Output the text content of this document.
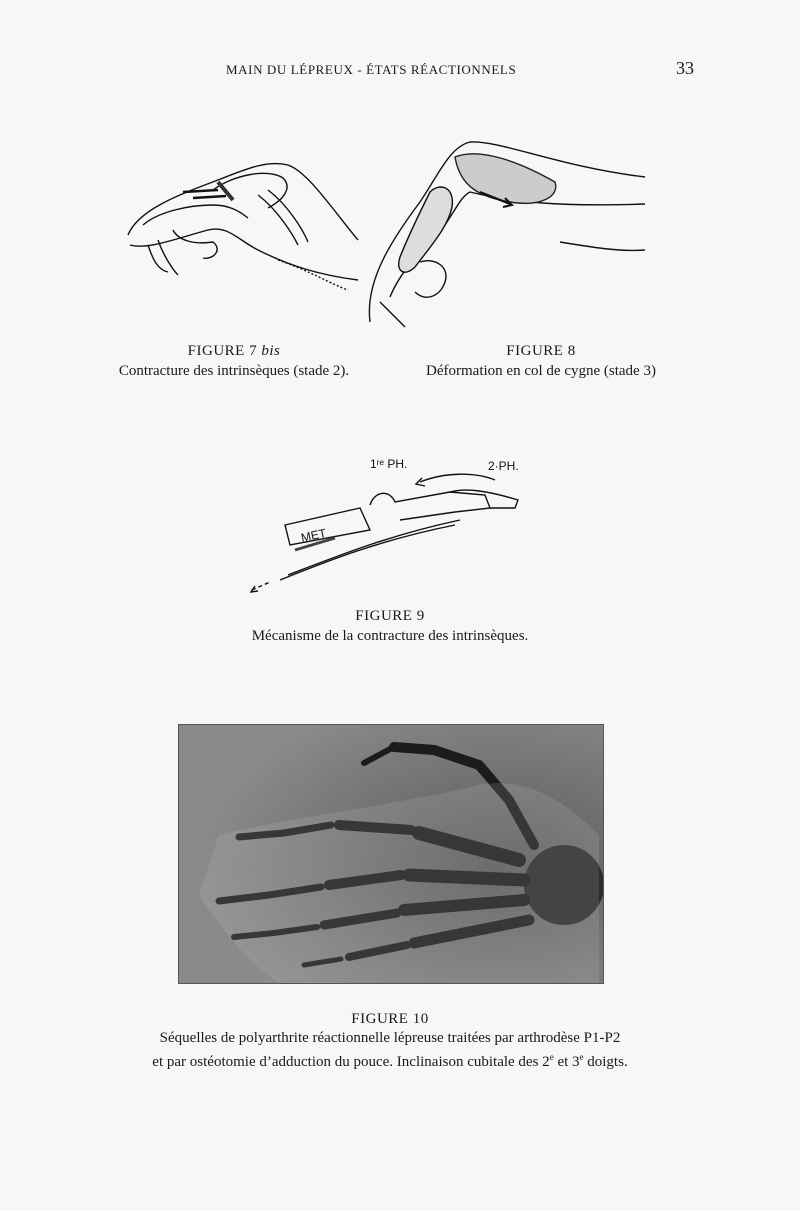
MAIN DU LÉPREUX - ÉTATS RÉACTIONNELS	33
FIGURE 7 bis
Contracture des intrinsèques (stade 2).
FIGURE 8
Déformation en col de cygne (stade 3)
1ʳᵉ PH.	2·PH.
MET
FIGURE 9
Mécanisme de la contracture des intrinsèques.
FIGURE 10
Séquelles de polyarthrite réactionnelle lépreuse traitées par arthrodèse P1-P2
et par ostéotomie d’adduction du pouce. Inclinaison cubitale des 2e et 3e doigts.
